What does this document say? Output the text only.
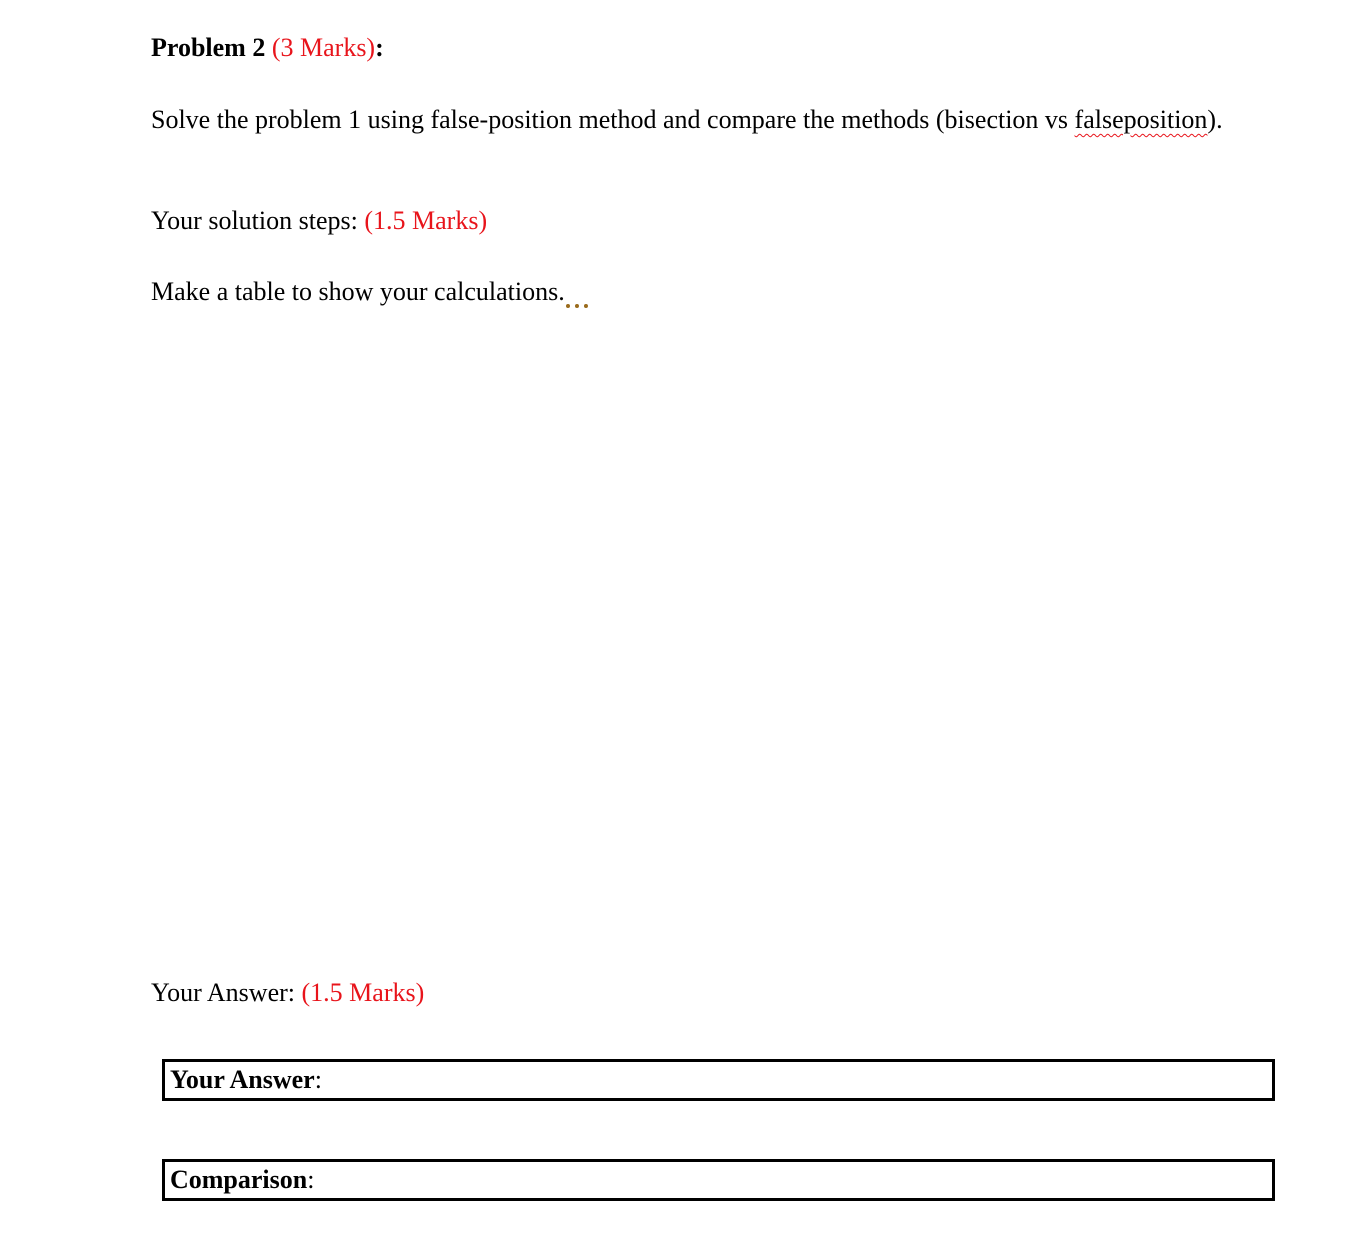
Problem 2 (3 Marks):
Solve the problem 1 using false-position method and compare the methods (bisection vs falseposition).
Your solution steps: (1.5 Marks)
Make a table to show your calculations.
Your Answer: (1.5 Marks)
Your Answer:
Comparison:
